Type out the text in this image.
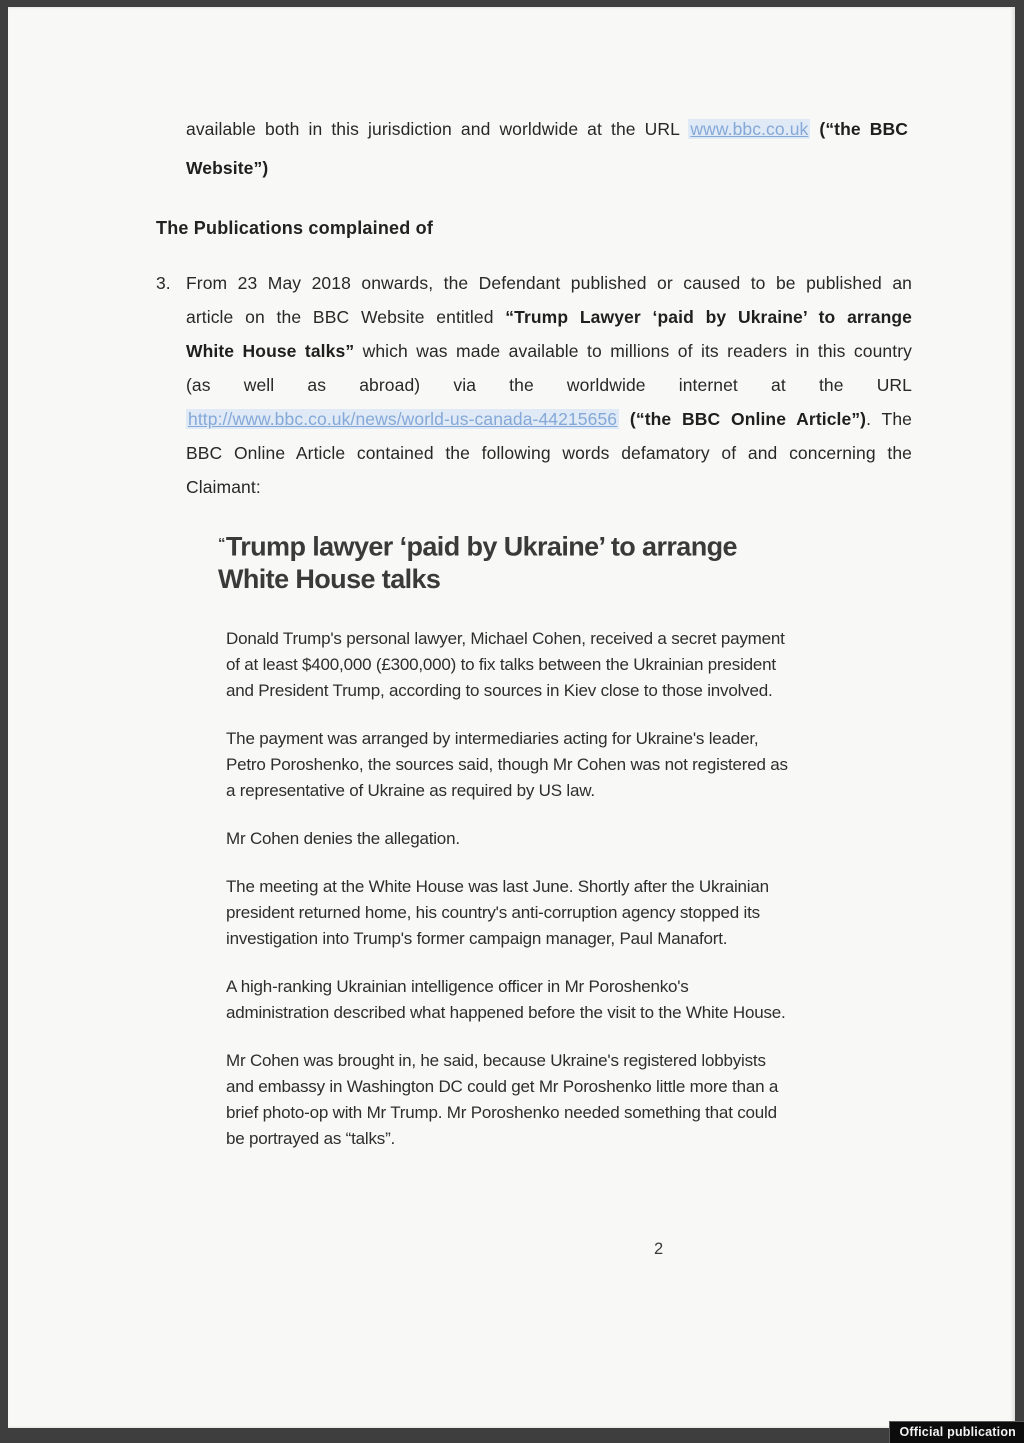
available both in this jurisdiction and worldwide at the URL www.bbc.co.uk (“the BBC Website”)

The Publications complained of
3. From 23 May 2018 onwards, the Defendant published or caused to be published an article on the BBC Website entitled “Trump Lawyer ‘paid by Ukraine’ to arrange White House talks” which was made available to millions of its readers in this country (as well as abroad) via the worldwide internet at the URL http://www.bbc.co.uk/news/world-us-canada-44215656 (“the BBC Online Article”). The BBC Online Article contained the following words defamatory of and concerning the Claimant:

“Trump lawyer ‘paid by Ukraine’ to arrange White House talks

Donald Trump's personal lawyer, Michael Cohen, received a secret payment of at least $400,000 (£300,000) to fix talks between the Ukrainian president and President Trump, according to sources in Kiev close to those involved.

The payment was arranged by intermediaries acting for Ukraine's leader, Petro Poroshenko, the sources said, though Mr Cohen was not registered as a representative of Ukraine as required by US law.

Mr Cohen denies the allegation.

The meeting at the White House was last June. Shortly after the Ukrainian president returned home, his country's anti-corruption agency stopped its investigation into Trump's former campaign manager, Paul Manafort.

A high-ranking Ukrainian intelligence officer in Mr Poroshenko's administration described what happened before the visit to the White House.

Mr Cohen was brought in, he said, because Ukraine's registered lobbyists and embassy in Washington DC could get Mr Poroshenko little more than a brief photo-op with Mr Trump. Mr Poroshenko needed something that could be portrayed as “talks”.

2
Official publication
